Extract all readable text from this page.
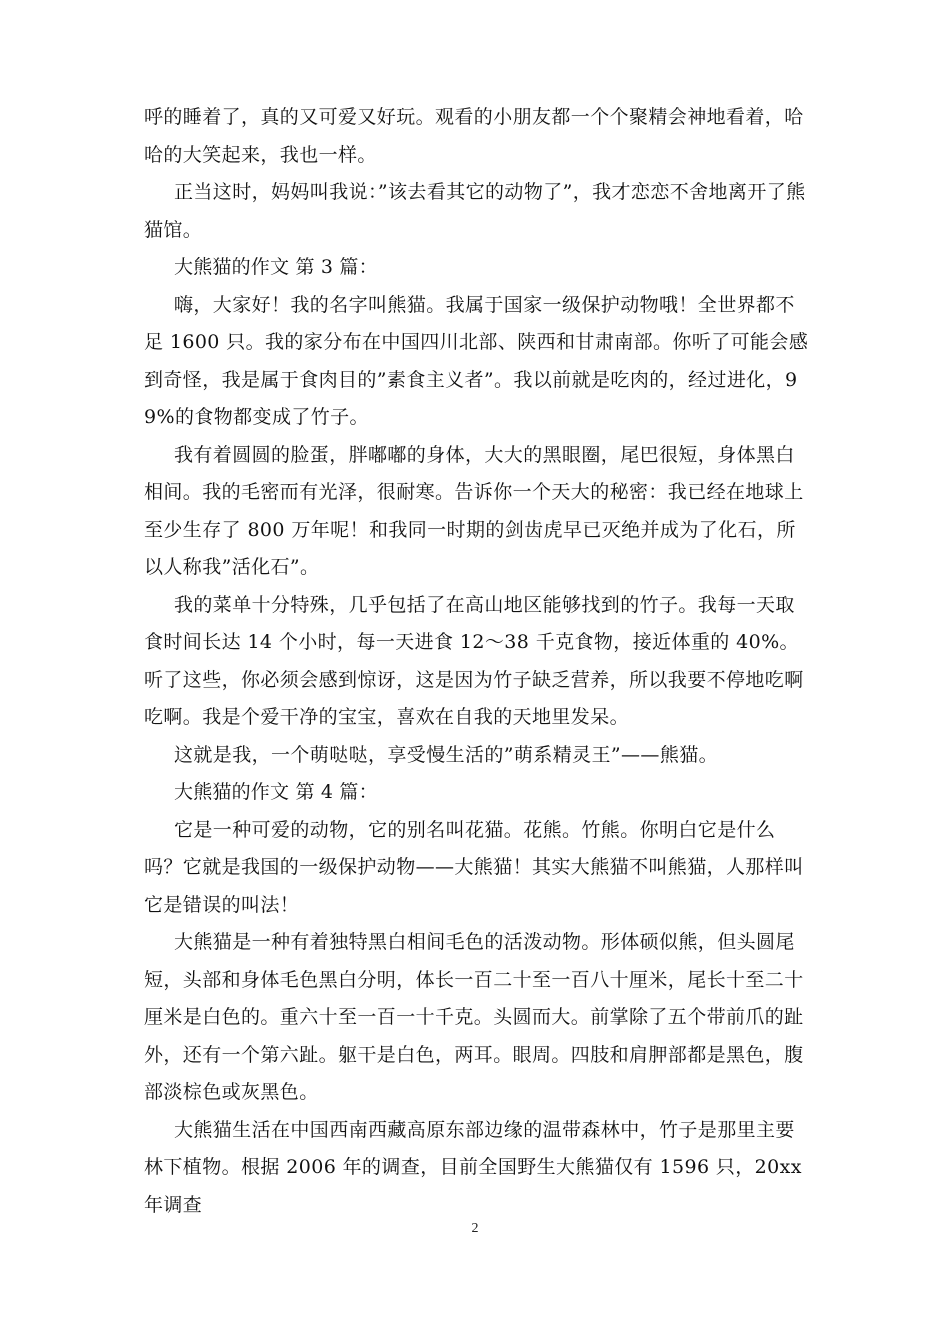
呼的睡着了，真的又可爱又好玩。观看的小朋友都一个个聚精会神地看着，哈哈的大笑起来，我也一样。

正当这时，妈妈叫我说：”该去看其它的动物了”，我才恋恋不舍地离开了熊猫馆。

大熊猫的作文 第 3 篇：

嗨，大家好！我的名字叫熊猫。我属于国家一级保护动物哦！全世界都不足 1600 只。我的家分布在中国四川北部、陕西和甘肃南部。你听了可能会感到奇怪，我是属于食肉目的”素食主义者”。我以前就是吃肉的，经过进化，99%的食物都变成了竹子。

我有着圆圆的脸蛋，胖嘟嘟的身体，大大的黑眼圈，尾巴很短，身体黑白相间。我的毛密而有光泽，很耐寒。告诉你一个天大的秘密：我已经在地球上至少生存了 800 万年呢！和我同一时期的剑齿虎早已灭绝并成为了化石，所以人称我”活化石”。

我的菜单十分特殊，几乎包括了在高山地区能够找到的竹子。我每一天取食时间长达 14 个小时，每一天进食 12～38 千克食物，接近体重的 40%。听了这些，你必须会感到惊讶，这是因为竹子缺乏营养，所以我要不停地吃啊吃啊。我是个爱干净的宝宝，喜欢在自我的天地里发呆。

这就是我，一个萌哒哒，享受慢生活的”萌系精灵王”——熊猫。

大熊猫的作文 第 4 篇：

它是一种可爱的动物，它的别名叫花猫。花熊。竹熊。你明白它是什么吗？它就是我国的一级保护动物——大熊猫！其实大熊猫不叫熊猫，人那样叫它是错误的叫法！

大熊猫是一种有着独特黑白相间毛色的活泼动物。形体硕似熊，但头圆尾短，头部和身体毛色黑白分明，体长一百二十至一百八十厘米，尾长十至二十厘米是白色的。重六十至一百一十千克。头圆而大。前掌除了五个带前爪的趾外，还有一个第六趾。躯干是白色，两耳。眼周。四肢和肩胛部都是黑色，腹部淡棕色或灰黑色。

大熊猫生活在中国西南西藏高原东部边缘的温带森林中，竹子是那里主要林下植物。根据 2006 年的调查，目前全国野生大熊猫仅有 1596 只，20xx 年调查

2
